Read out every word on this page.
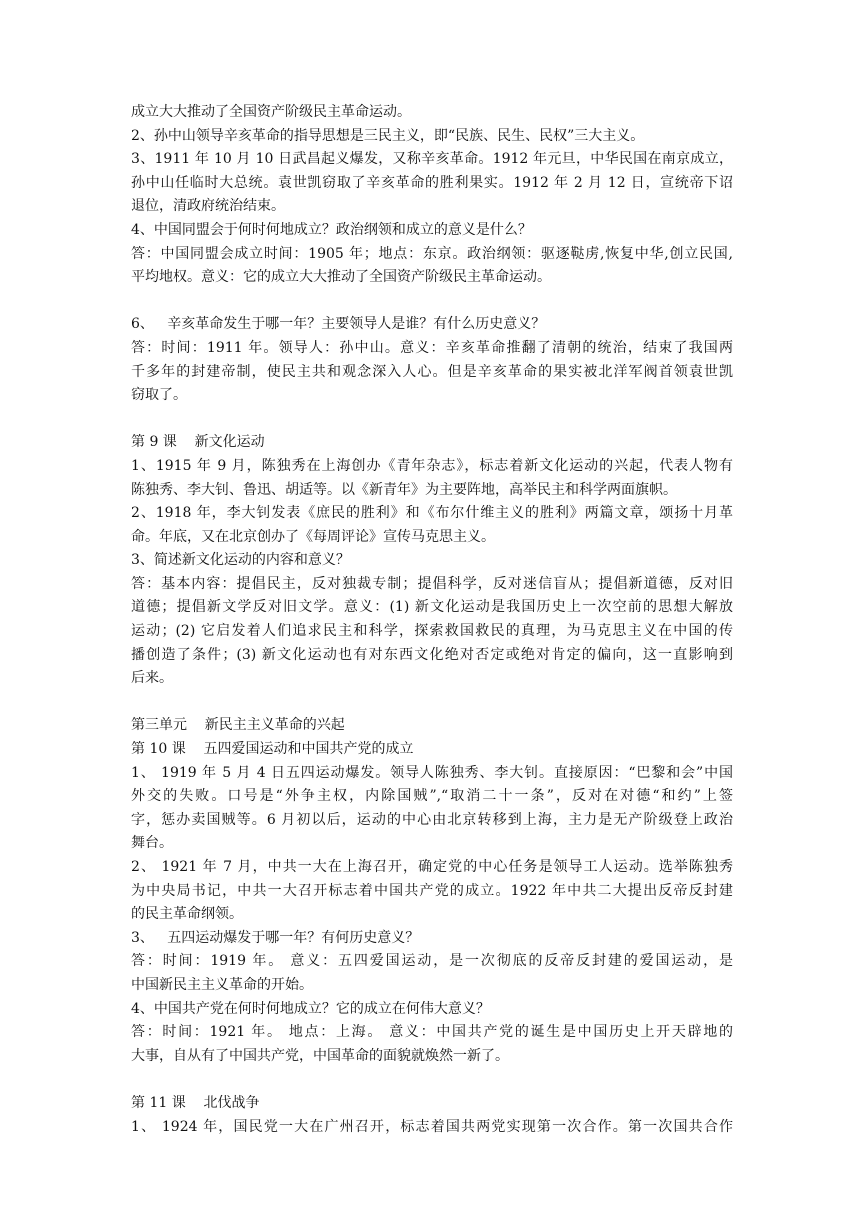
成立大大推动了全国资产阶级民主革命运动。
2、孙中山领导辛亥革命的指导思想是三民主义，即“民族、民生、民权”三大主义。
3、1911 年 10 月 10 日武昌起义爆发，又称辛亥革命。1912 年元旦，中华民国在南京成立，
孙中山任临时大总统。袁世凯窃取了辛亥革命的胜利果实。1912 年 2 月 12 日，宣统帝下诏
退位，清政府统治结束。
4、中国同盟会于何时何地成立？政治纲领和成立的意义是什么？
答：中国同盟会成立时间：1905 年；地点：东京。政治纲领：驱逐鞑虏,恢复中华,创立民国,
平均地权。意义：它的成立大大推动了全国资产阶级民主革命运动。
6、   辛亥革命发生于哪一年？主要领导人是谁？有什么历史意义？
答：时间：1911 年。领导人：孙中山。意义：辛亥革命推翻了清朝的统治，结束了我国两
千多年的封建帝制，使民主共和观念深入人心。但是辛亥革命的果实被北洋军阀首领袁世凯
窃取了。
第 9 课    新文化运动
1、1915 年 9 月，陈独秀在上海创办《青年杂志》，标志着新文化运动的兴起，代表人物有
陈独秀、李大钊、鲁迅、胡适等。以《新青年》为主要阵地，高举民主和科学两面旗帜。
2、1918 年，李大钊发表《庶民的胜利》和《布尔什维主义的胜利》两篇文章，颂扬十月革
命。年底，又在北京创办了《每周评论》宣传马克思主义。
3、简述新文化运动的内容和意义？
答：基本内容：提倡民主，反对独裁专制；提倡科学，反对迷信盲从；提倡新道德，反对旧
道德；提倡新文学反对旧文学。意义：(1) 新文化运动是我国历史上一次空前的思想大解放
运动；(2) 它启发着人们追求民主和科学，探索救国救民的真理，为马克思主义在中国的传
播创造了条件；(3) 新文化运动也有对东西文化绝对否定或绝对肯定的偏向，这一直影响到
后来。
第三单元    新民主主义革命的兴起
第 10 课    五四爱国运动和中国共产党的成立
1、 1919 年 5 月 4 日五四运动爆发。领导人陈独秀、李大钊。直接原因：“巴黎和会”中国
外交的失败。口号是“外争主权，内除国贼”,“取消二十一条”，反对在对德“和约”上签
字，惩办卖国贼等。6 月初以后，运动的中心由北京转移到上海，主力是无产阶级登上政治
舞台。
2、 1921 年 7 月，中共一大在上海召开，确定党的中心任务是领导工人运动。选举陈独秀
为中央局书记，中共一大召开标志着中国共产党的成立。1922 年中共二大提出反帝反封建
的民主革命纲领。
3、   五四运动爆发于哪一年？有何历史意义？
答：时间：1919 年。 意义：五四爱国运动，是一次彻底的反帝反封建的爱国运动，是
中国新民主主义革命的开始。
4、中国共产党在何时何地成立？它的成立在何伟大意义？
答：时间：1921 年。 地点：上海。 意义：中国共产党的诞生是中国历史上开天辟地的
大事，自从有了中国共产党，中国革命的面貌就焕然一新了。
第 11 课    北伐战争
1、 1924 年，国民党一大在广州召开，标志着国共两党实现第一次合作。第一次国共合作
